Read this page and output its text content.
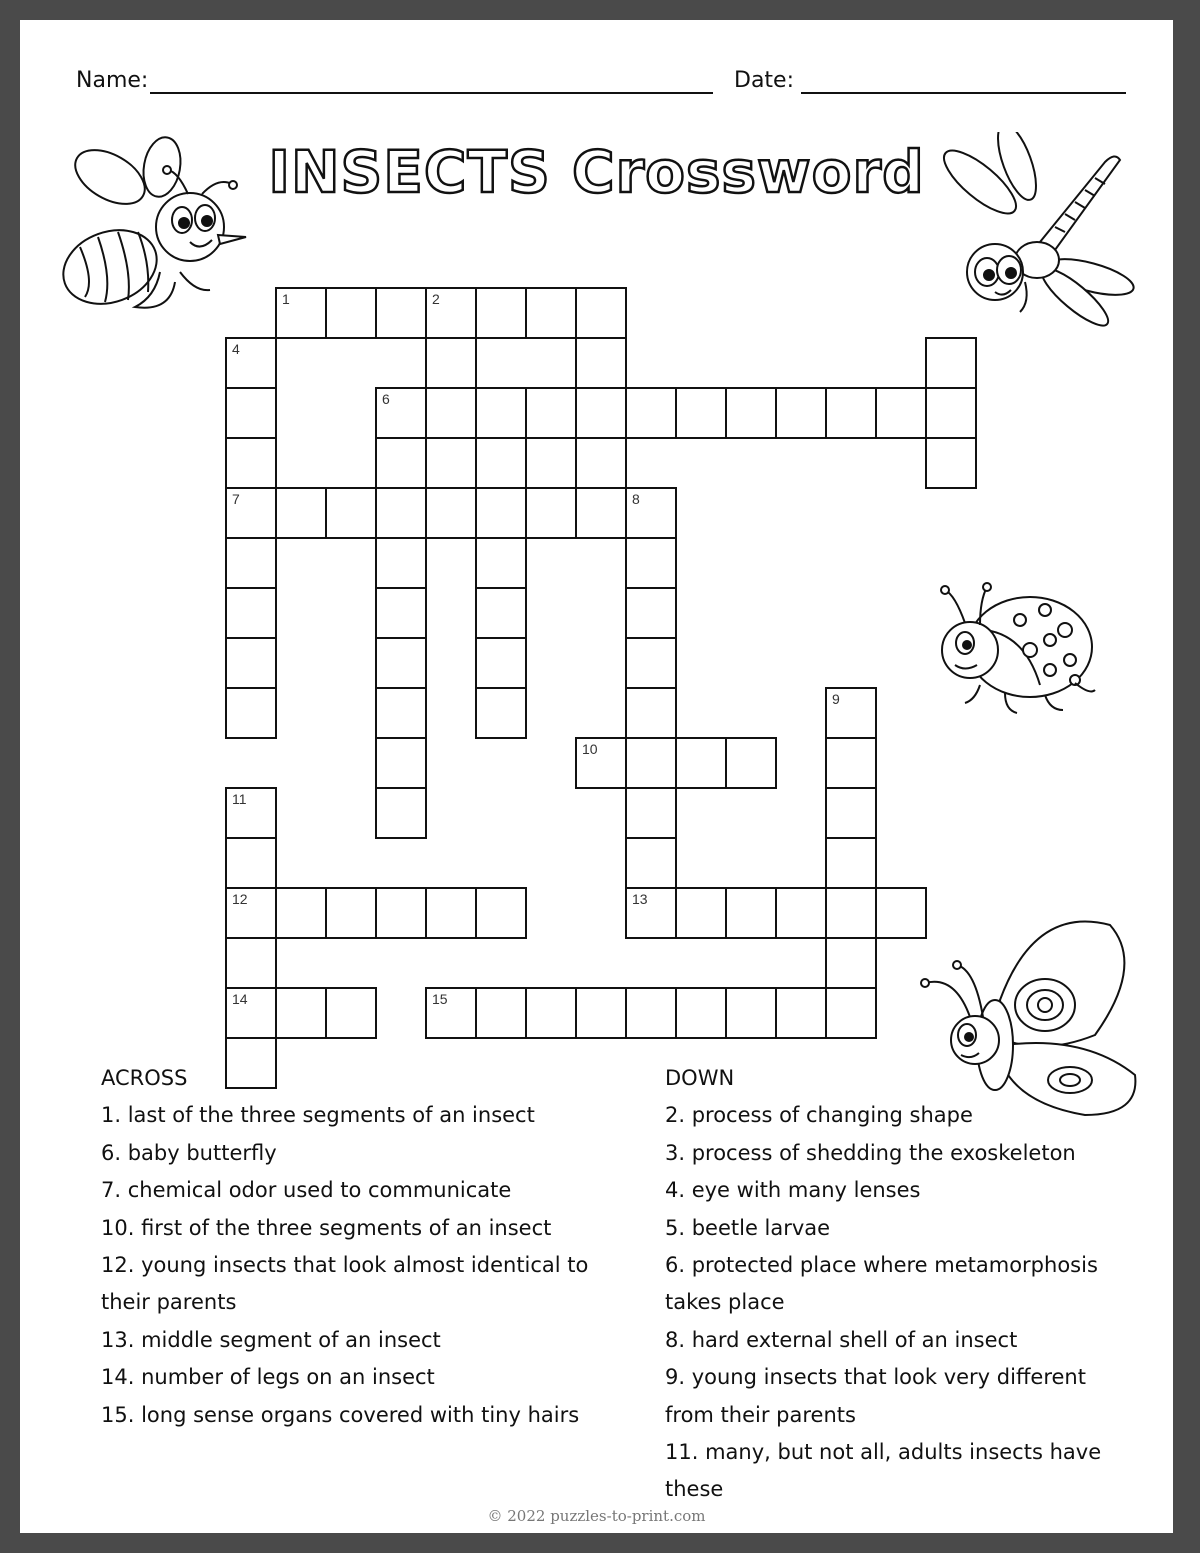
Name:	Date:
INSECTS Crossword
1	2
6
7
4
8
9
10
11
12
14
13
15
ACROSS
1. last of the three segments of an insect
6. baby butterfly
7. chemical odor used to communicate
10. first of the three segments of an insect
12. young insects that look almost identical to their parents
13. middle segment of an insect
14. number of legs on an insect
15. long sense organs covered with tiny hairs
DOWN
2. process of changing shape
3. process of shedding the exoskeleton
4. eye with many lenses
5. beetle larvae
6. protected place where metamorphosis takes place
8. hard external shell of an insect
9. young insects that look very different from their parents
11. many, but not all, adults insects have these
© 2022 puzzles-to-print.com
